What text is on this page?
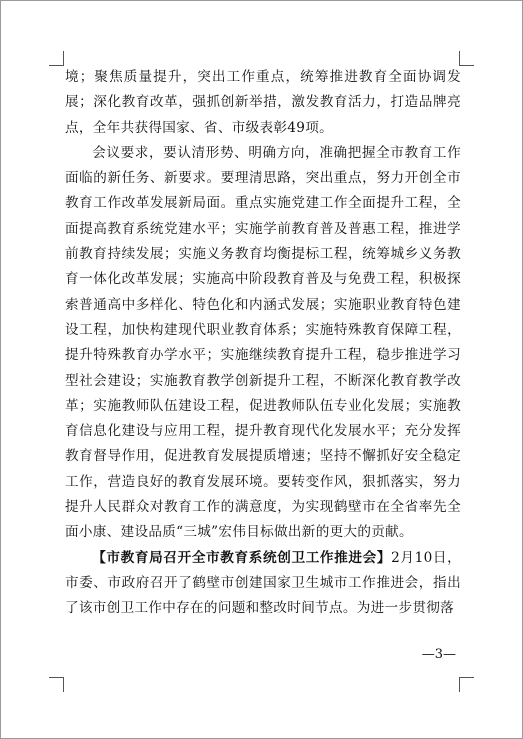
境；聚焦质量提升，突出工作重点，统筹推进教育全面协调发展；深化教育改革，强抓创新举措，激发教育活力，打造品牌亮点，全年共获得国家、省、市级表彰49项。

会议要求，要认清形势、明确方向，准确把握全市教育工作面临的新任务、新要求。要理清思路，突出重点，努力开创全市教育工作改革发展新局面。重点实施党建工作全面提升工程，全面提高教育系统党建水平；实施学前教育普及普惠工程，推进学前教育持续发展；实施义务教育均衡提标工程，统筹城乡义务教育一体化改革发展；实施高中阶段教育普及与免费工程，积极探索普通高中多样化、特色化和内涵式发展；实施职业教育特色建设工程，加快构建现代职业教育体系；实施特殊教育保障工程，提升特殊教育办学水平；实施继续教育提升工程，稳步推进学习型社会建设；实施教育教学创新提升工程，不断深化教育教学改革；实施教师队伍建设工程，促进教师队伍专业化发展；实施教育信息化建设与应用工程，提升教育现代化发展水平；充分发挥教育督导作用，促进教育发展提质增速；坚持不懈抓好安全稳定工作，营造良好的教育发展环境。要转变作风，狠抓落实，努力提升人民群众对教育工作的满意度，为实现鹤壁市在全省率先全面小康、建设品质“三城”宏伟目标做出新的更大的贡献。

【市教育局召开全市教育系统创卫工作推进会】2月10日，市委、市政府召开了鹤壁市创建国家卫生城市工作推进会，指出了该市创卫工作中存在的问题和整改时间节点。为进一步贯彻落

—3—
